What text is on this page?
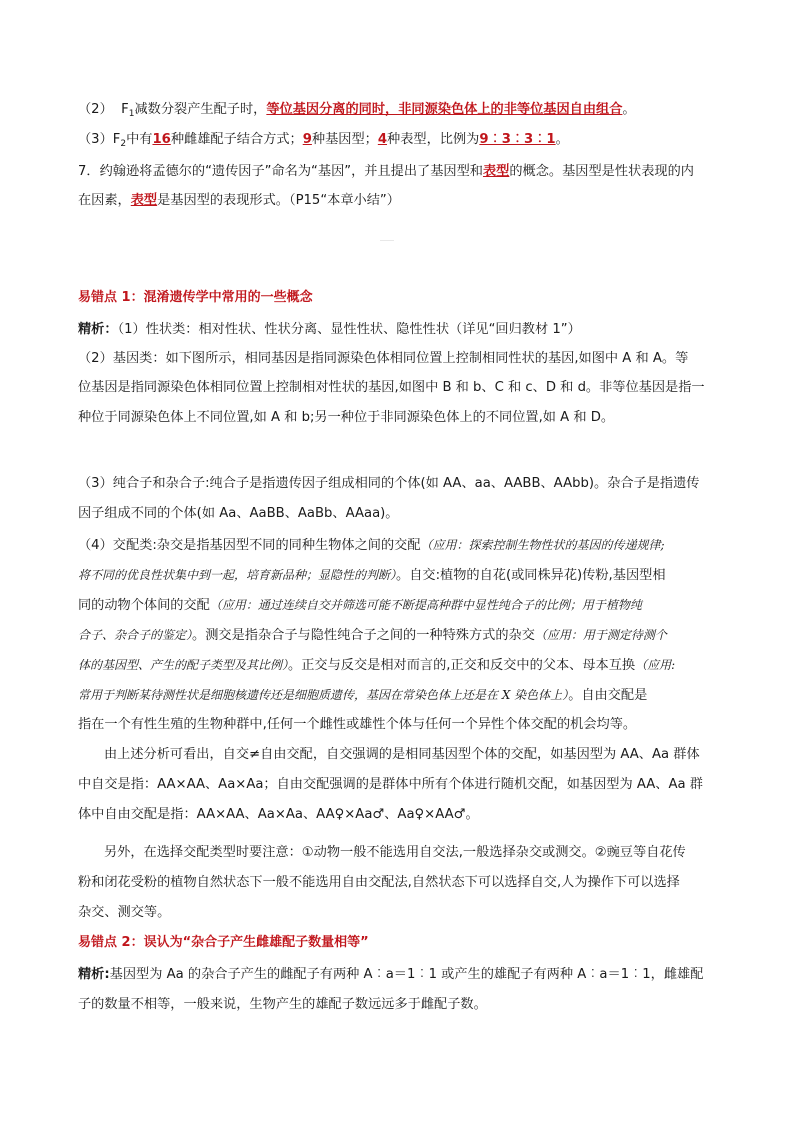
（2） $F_1$减数分裂产生配子时，等位基因分离的同时，非同源染色体上的非等位基因自由组合。
$(3)F_2$中有16种雌雄配子结合方式；9种基因型；4种表型，比例为9︰3︰3︰1。
7．约翰逊将孟德尔的“遗传因子”命名为“基因”，并且提出了基因型和表型的概念。基因型是性状表现的内
在因素，表型是基因型的表现形式。（P15“本章小结”）
易错点 1：混淆遗传学中常用的一些概念
精析：（1）性状类：相对性状、性状分离、显性性状、隐性性状（详见“回归教材 1”）
（2）基因类：如下图所示，相同基因是指同源染色体相同位置上控制相同性状的基因,如图中 A 和 A。等
位基因是指同源染色体相同位置上控制相对性状的基因,如图中 B 和 b、C 和 c、D 和 d。非等位基因是指一
种位于同源染色体上不同位置,如 A 和 b;另一种位于非同源染色体上的不同位置,如 A 和 D。
（3）纯合子和杂合子:纯合子是指遗传因子组成相同的个体(如 AA、aa、AABB、AAbb)。杂合子是指遗传
因子组成不同的个体(如 Aa、AaBB、AaBb、AAaa)。
（4）交配类:杂交是指基因型不同的同种生物体之间的交配（应用：探索控制生物性状的基因的传递规律;
将不同的优良性状集中到一起，培育新品种；显隐性的判断）。自交:植物的自花(或同株异花)传粉,基因型相
同的动物个体间的交配（应用：通过连续自交并筛选可能不断提高种群中显性纯合子的比例；用于植物纯
合子、杂合子的鉴定）。测交是指杂合子与隐性纯合子之间的一种特殊方式的杂交（应用：用于测定待测个
体的基因型、产生的配子类型及其比例）。正交与反交是相对而言的,正交和反交中的父本、母本互换（应用:
常用于判断某待测性状是细胞核遗传还是细胞质遗传，基因在常染色体上还是在 X 染色体上）。自由交配是
指在一个有性生殖的生物种群中,任何一个雌性或雄性个体与任何一个异性个体交配的机会均等。
由上述分析可看出，自交≠自由交配，自交强调的是相同基因型个体的交配，如基因型为 AA、Aa 群体
中自交是指：AA×AA、Aa×Aa；自由交配强调的是群体中所有个体进行随机交配，如基因型为 AA、Aa 群
体中自由交配是指：AA×AA、Aa×Aa、AA♀×Aa♂、Aa♀×AA♂。
另外，在选择交配类型时要注意：①动物一般不能选用自交法,一般选择杂交或测交。②豌豆等自花传
粉和闭花受粉的植物自然状态下一般不能选用自由交配法,自然状态下可以选择自交,人为操作下可以选择
杂交、测交等。
易错点 2：误认为“杂合子产生雌雄配子数量相等”
精析:基因型为 Aa 的杂合子产生的雌配子有两种 A︰a＝1︰1 或产生的雄配子有两种 A︰a＝1︰1，雌雄配
子的数量不相等，一般来说，生物产生的雄配子数远远多于雌配子数。
